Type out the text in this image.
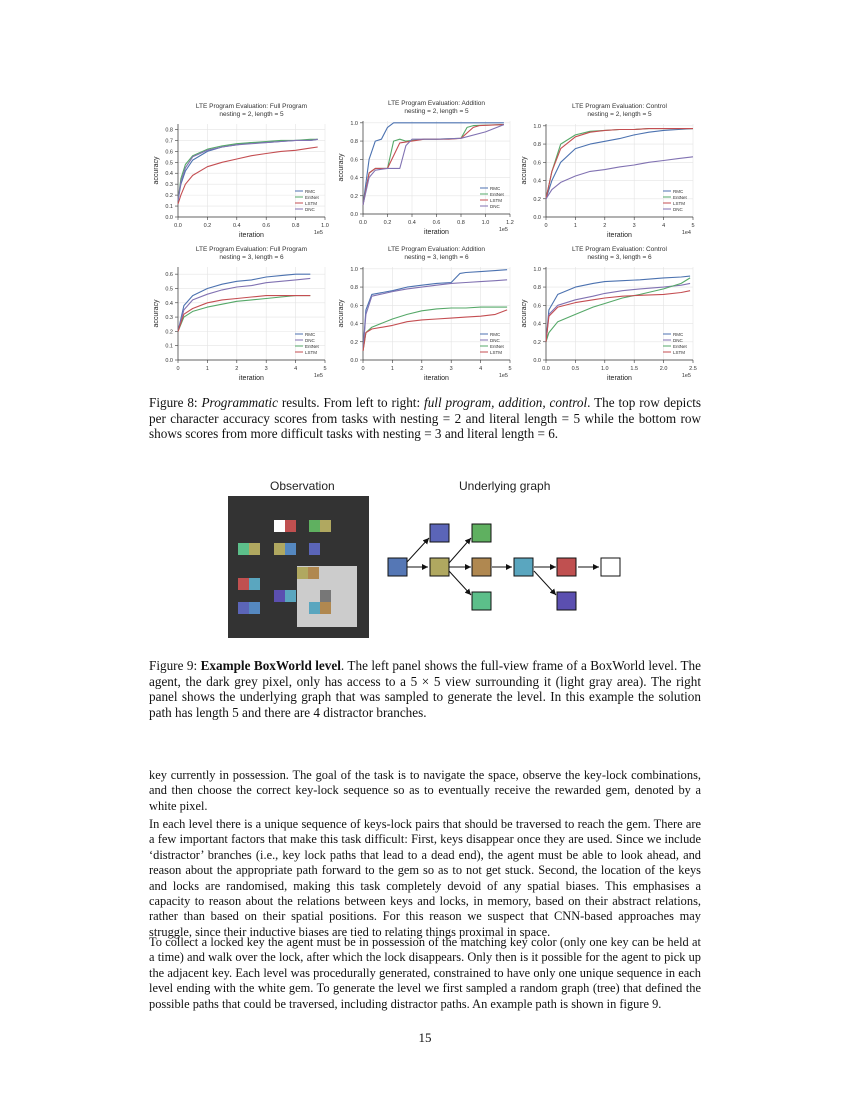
LTE Program Evaluation: Full Program
nesting = 2, length = 5
0.0
0.1
0.2
0.3
0.4
0.5
0.6
0.7
0.8
0.0	0.2	0.4	0.6	0.8	1.0
iteration	1e5
accuracy
RMC
EntNet
LSTM
DNC
LTE Program Evaluation: Addition
nesting = 2, length = 5
0.0
0.2
0.4
0.6
0.8
1.0
0.0	0.2	0.4	0.6	0.8	1.0	1.2
iteration	1e5
accuracy
RMC
EntNet
LSTM
DNC
LTE Program Evaluation: Control
nesting = 2, length = 5
0.0
0.2
0.4
0.6
0.8
1.0
0	1	2	3	4	5
iteration	1e4
accuracy
RMC
EntNet
LSTM
DNC
LTE Program Evaluation: Full Program
nesting = 3, length = 6
0.0
0.1
0.2
0.3
0.4
0.5
0.6
0	1	2	3	4	5
iteration	1e5
accuracy
RMC
DNC
EntNet
LSTM
LTE Program Evaluation: Addition
nesting = 3, length = 6
0.0
0.2
0.4
0.6
0.8
1.0
0	1	2	3	4	5
iteration	1e5
accuracy
RMC
DNC
EntNet
LSTM
LTE Program Evaluation: Control
nesting = 3, length = 6
0.0
0.2
0.4
0.6
0.8
1.0
0.0	0.5	1.0	1.5	2.0	2.5
iteration	1e5
accuracy
RMC
DNC
EntNet
LSTM
Figure 8: Programmatic results. From left to right: full program, addition, control. The top row depicts per character accuracy scores from tasks with nesting = 2 and literal length = 5 while the bottom row shows scores from more difficult tasks with nesting = 3 and literal length = 6.
Observation	Underlying graph
Figure 9: Example BoxWorld level. The left panel shows the full-view frame of a BoxWorld level. The agent, the dark grey pixel, only has access to a 5 × 5 view surrounding it (light gray area). The right panel shows the underlying graph that was sampled to generate the level. In this example the solution path has length 5 and there are 4 distractor branches.
key currently in possession. The goal of the task is to navigate the space, observe the key-lock combinations, and then choose the correct key-lock sequence so as to eventually receive the rewarded gem, denoted by a white pixel.
In each level there is a unique sequence of keys-lock pairs that should be traversed to reach the gem. There are a few important factors that make this task difficult: First, keys disappear once they are used. Since we include ‘distractor’ branches (i.e., key lock paths that lead to a dead end), the agent must be able to look ahead, and reason about the appropriate path forward to the gem so as to not get stuck. Second, the location of the keys and locks are randomised, making this task completely devoid of any spatial biases. This emphasises a capacity to reason about the relations between keys and locks, in memory, based on their abstract relations, rather than based on their spatial positions. For this reason we suspect that CNN-based approaches may struggle, since their inductive biases are tied to relating things proximal in space.
To collect a locked key the agent must be in possession of the matching key color (only one key can be held at a time) and walk over the lock, after which the lock disappears. Only then is it possible for the agent to pick up the adjacent key. Each level was procedurally generated, constrained to have only one unique sequence in each level ending with the white gem. To generate the level we first sampled a random graph (tree) that defined the possible paths that could be traversed, including distractor paths. An example path is shown in figure 9.
15
